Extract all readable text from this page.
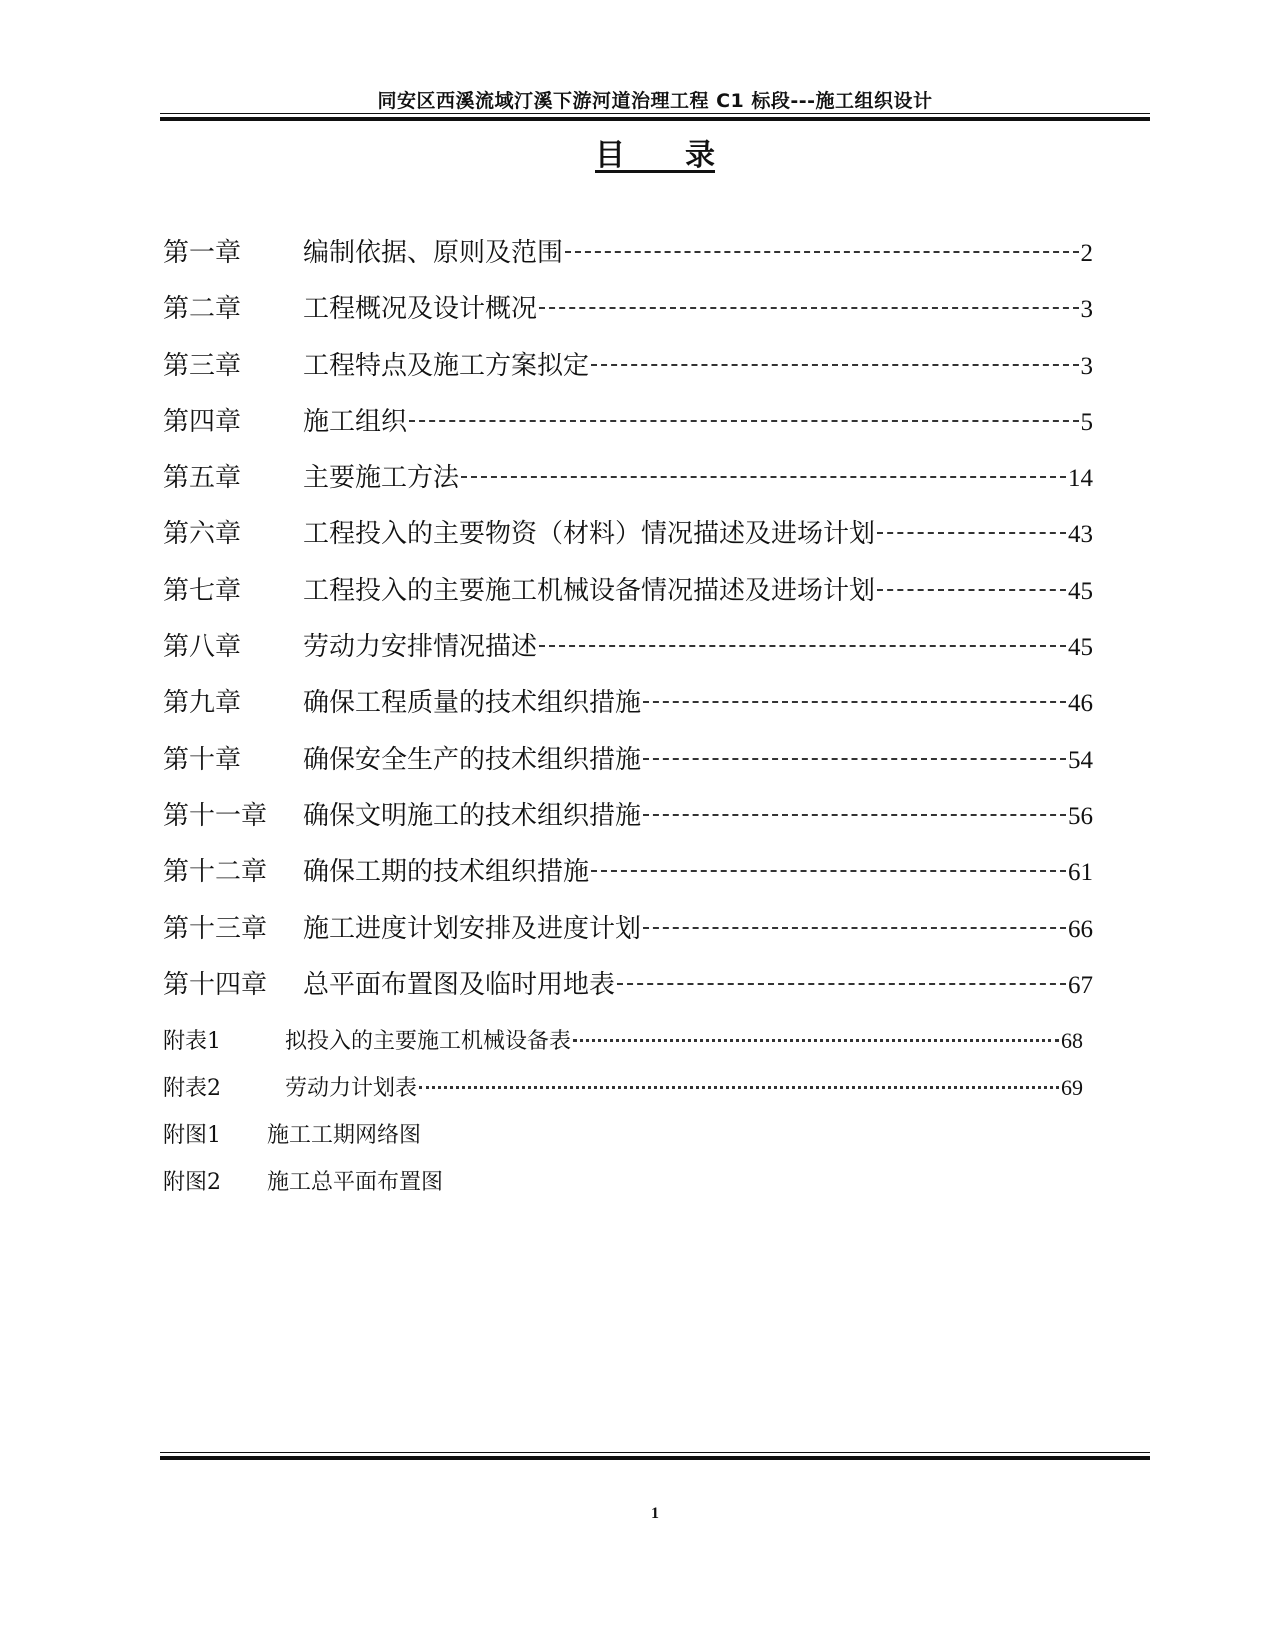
同安区西溪流域汀溪下游河道治理工程 C1 标段---施工组织设计
目　　录
第一章	编制依据、原则及范围	2
第二章	工程概况及设计概况	3
第三章	工程特点及施工方案拟定	3
第四章	施工组织	5
第五章	主要施工方法	14
第六章	工程投入的主要物资（材料）情况描述及进场计划	43
第七章	工程投入的主要施工机械设备情况描述及进场计划	45
第八章	劳动力安排情况描述	45
第九章	确保工程质量的技术组织措施	46
第十章	确保安全生产的技术组织措施	54
第十一章	确保文明施工的技术组织措施	56
第十二章	确保工期的技术组织措施	61
第十三章	施工进度计划安排及进度计划	66
第十四章	总平面布置图及临时用地表	67
附表1	拟投入的主要施工机械设备表	68
附表2	劳动力计划表	69
附图1	施工工期网络图
附图2	施工总平面布置图
1
